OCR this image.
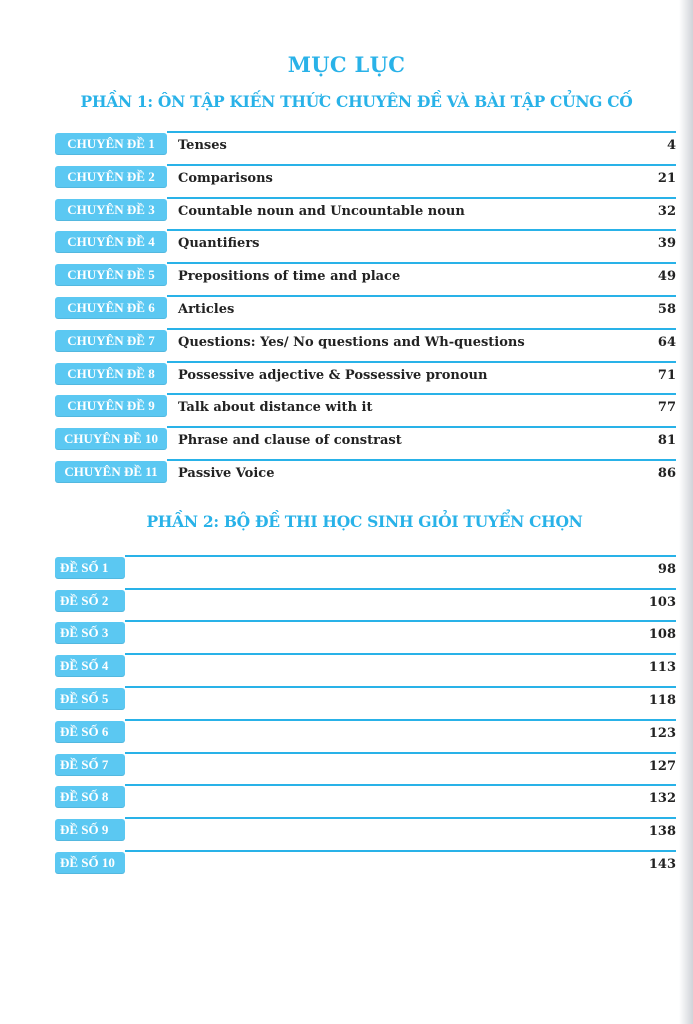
MỤC LỤC
PHẦN 1: ÔN TẬP KIẾN THỨC CHUYÊN ĐỀ VÀ BÀI TẬP CỦNG CỐ
CHUYÊN ĐỀ 1	Tenses	4
CHUYÊN ĐỀ 2	Comparisons	21
CHUYÊN ĐỀ 3	Countable noun and Uncountable noun	32
CHUYÊN ĐỀ 4	Quantifiers	39
CHUYÊN ĐỀ 5	Prepositions of time and place	49
CHUYÊN ĐỀ 6	Articles	58
CHUYÊN ĐỀ 7	Questions: Yes/ No questions and Wh-questions	64
CHUYÊN ĐỀ 8	Possessive adjective & Possessive pronoun	71
CHUYÊN ĐỀ 9	Talk about distance with it	77
CHUYÊN ĐỀ 10	Phrase and clause of constrast	81
CHUYÊN ĐỀ 11	Passive Voice	86
PHẦN 2: BỘ ĐỀ THI HỌC SINH GIỎI TUYỂN CHỌN
ĐỀ SỐ 1	98
ĐỀ SỐ 2	103
ĐỀ SỐ 3	108
ĐỀ SỐ 4	113
ĐỀ SỐ 5	118
ĐỀ SỐ 6	123
ĐỀ SỐ 7	127
ĐỀ SỐ 8	132
ĐỀ SỐ 9	138
ĐỀ SỐ 10	143
